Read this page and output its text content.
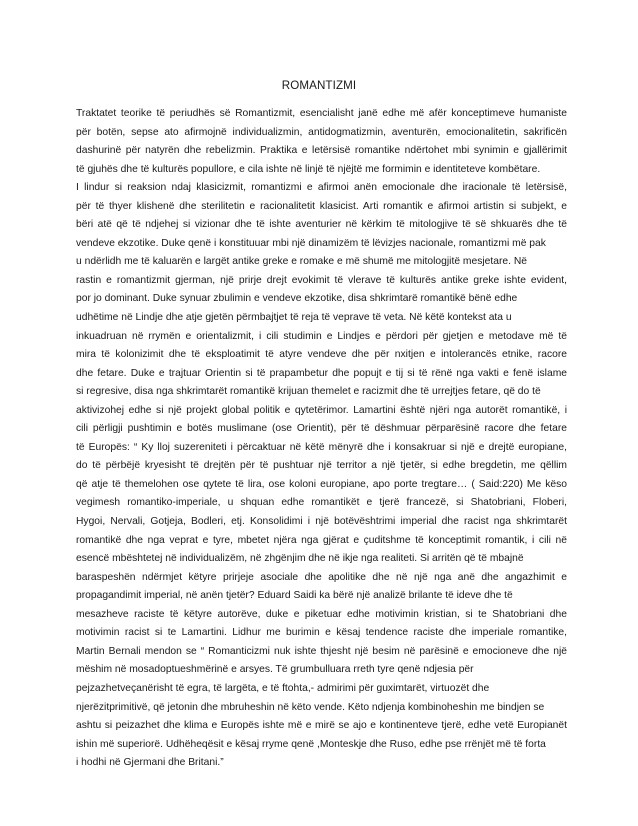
ROMANTIZMI
Traktatet teorike të periudhës së Romantizmit, esencialisht janë edhe më afër konceptimeve humaniste
për botën, sepse ato afirmojnë individualizmin, antidogmatizmin, aventurën, emocionalitetin, sakrificën
dashurinë për natyrën dhe rebelizmin. Praktika e letërsisë romantike ndërtohet mbi synimin e gjallërimit
të gjuhës dhe të kulturës popullore, e cila ishte në linjë të njëjtë me formimin e identiteteve kombëtare.
I lindur si reaksion ndaj klasicizmit, romantizmi e afirmoi anën emocionale dhe iracionale të letërsisë,
për të thyer klishenë dhe sterilitetin e racionalitetit klasicist. Arti romantik e afirmoi artistin si subjekt, e
bëri atë që të ndjehej si vizionar dhe të ishte aventurier në kërkim të mitologjive të së shkuarës dhe të
vendeve ekzotike. Duke qenë i konstituuar mbi një dinamizëm të lëvizjes nacionale, romantizmi më pak
u ndërlidh me të kaluarën e largët antike greke e romake e më shumë me mitologjitë mesjetare. Në
rastin e romantizmit gjerman, një prirje drejt evokimit të vlerave të kulturës antike greke ishte evident,
por jo dominant. Duke synuar zbulimin e vendeve ekzotike, disa shkrimtarë romantikë bënë edhe
udhëtime në Lindje dhe atje gjetën përmbajtjet të reja të veprave të veta. Në këtë kontekst ata u
inkuadruan në rrymën e orientalizmit, i cili studimin e Lindjes e përdori për gjetjen e metodave më të
mira të kolonizimit dhe të eksploatimit të atyre vendeve dhe për nxitjen e intolerancës etnike, racore
dhe fetare. Duke e trajtuar Orientin si të prapambetur dhe popujt e tij si të rënë nga vakti e fenë islame
si regresive, disa nga shkrimtarët romantikë krijuan themelet e racizmit dhe të urrejtjes fetare, që do të
aktivizohej edhe si një projekt global politik e qytetërimor. Lamartini është njëri nga autorët romantikë, i
cili përligji pushtimin e botës muslimane (ose Orientit), për të dëshmuar përparësinë racore dhe fetare
të Europës: “ Ky lloj suzereniteti i përcaktuar në këtë mënyrë dhe i konsakruar si një e drejtë europiane,
do të përbëjë kryesisht të drejtën për të pushtuar një territor a një tjetër, si edhe bregdetin, me qëllim
që atje të themelohen ose qytete të lira, ose koloni europiane, apo porte tregtare… ( Said:220) Me këso
vegimesh romantiko-imperiale, u shquan edhe romantikët e tjerë francezë, si Shatobriani, Floberi,
Hygoi, Nervali, Gotjeja, Bodleri, etj. Konsolidimi i një botëvështrimi imperial dhe racist nga shkrimtarët
romantikë dhe nga veprat e tyre, mbetet njëra nga gjërat e çuditshme të konceptimit romantik, i cili në
esencë mbështetej në individualizëm, në zhgënjim dhe në ikje nga realiteti. Si arritën që të mbajnë
baraspeshën ndërmjet këtyre prirjeje asociale dhe apolitike dhe në një nga anë dhe angazhimit e
propagandimit imperial, në anën tjetër? Eduard Saidi ka bërë një analizë brilante të ideve dhe të
mesazheve raciste të këtyre autorëve, duke e piketuar edhe motivimin kristian, si te Shatobriani dhe
motivimin racist si te Lamartini. Lidhur me burimin e kësaj tendence raciste dhe imperiale romantike,
Martin Bernali mendon se “ Romanticizmi nuk ishte thjesht një besim në parësinë e emocioneve dhe një
mëshim në mosadoptueshmërinë e arsyes. Të grumbulluara rreth tyre qenë ndjesia për
pejzazhetveçanërisht të egra, të largëta, e të ftohta,- admirimi për guximtarët, virtuozët dhe
njerëzitprimitivë, që jetonin dhe mbruheshin në këto vende. Këto ndjenja kombinoheshin me bindjen se
ashtu si peizazhet dhe klima e Europës ishte më e mirë se ajo e kontinenteve tjerë, edhe vetë Europianët
ishin më superiorë. Udhëheqësit e kësaj rryme qenë ,Monteskje dhe Ruso, edhe pse rrënjët më të forta
i hodhi në Gjermani dhe Britani.”
